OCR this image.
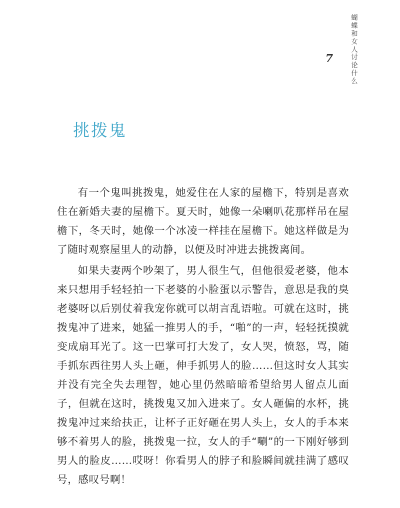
蝴蝶和女人讨论什么
7
挑拨鬼

有一个鬼叫挑拨鬼，她爱住在人家的屋檐下，特别是喜欢住在新婚夫妻的屋檐下。夏天时，她像一朵喇叭花那样吊在屋檐下，冬天时，她像一个冰凌一样挂在屋檐下。她这样做是为了随时观察屋里人的动静，以便及时冲进去挑拨离间。

如果夫妻两个吵架了，男人很生气，但他很爱老婆，他本来只想用手轻轻拍一下老婆的小脸蛋以示警告，意思是我的臭老婆呀以后别仗着我宠你就可以胡言乱语啦。可就在这时，挑拨鬼冲了进来，她猛一推男人的手，“啪”的一声，轻轻抚摸就变成扇耳光了。这一巴掌可打大发了，女人哭，愤怒，骂，随手抓东西往男人头上砸，伸手抓男人的脸……但这时女人其实并没有完全失去理智，她心里仍然暗暗希望给男人留点儿面子，但就在这时，挑拨鬼又加入进来了。女人砸偏的水杯，挑拨鬼冲过来给扶正，让杯子正好砸在男人头上，女人的手本来够不着男人的脸，挑拨鬼一拉，女人的手“唰”的一下刚好够到男人的脸皮……哎呀！你看男人的脖子和脸瞬间就挂满了感叹号，感叹号啊！
